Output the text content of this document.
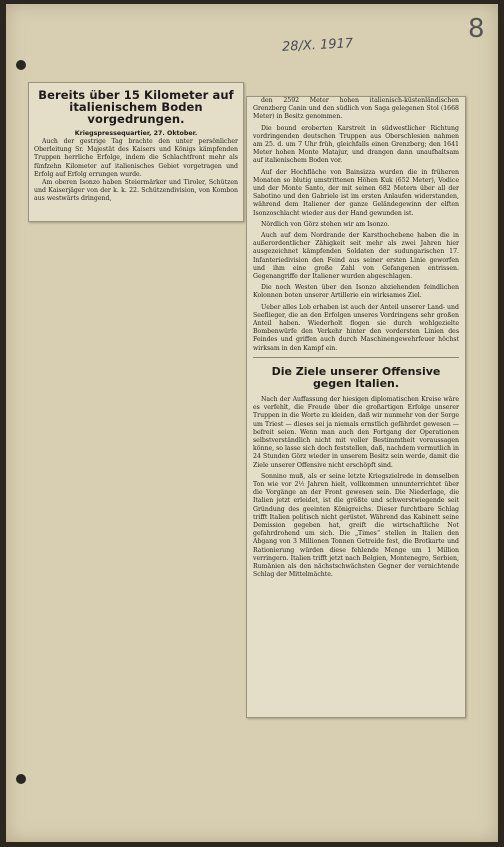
28/X. 1917
8
Bereits über 15 Kilometer auf italienischem Boden vorgedrungen.
Kriegspressequartier, 27. Oktober.
Auch der gestrige Tag brachte den unter persönlicher Oberleitung Sr. Majestät des Kaisers und Königs kämpfenden Truppen herrliche Erfolge, indem die Schlachtfront mehr als fünfzehn Kilometer auf italienisches Gebiet vorgetragen und Erfolg auf Erfolg errungen wurde.
Am oberen Isonzo haben Steiermärker und Tiroler, Schützen und Kaiserjäger von der k. k. 22. Schützendivision, von Kombon aus westwärts dringend,
den 2592 Meter hohen italienisch-küstenländischen Grenzberg Canin und den südlich von Saga gelegenen Stol (1668 Meter) in Besitz genommen.
Die bound eroberten Karstreit in südwestlicher Richtung vordringenden deutschen Truppen aus Oberschlesien nahmen am 25. d. um 7 Uhr früh, gleichfalls einen Grenzberg; den 1641 Meter hohen Monte Matajur, und drangen dann unaufhaltsam auf italienischem Boden vor.
Auf der Hochfläche von Bainsizza wurden die in früheren Monaten so blutig umstrittenen Höhen Kuk (652 Meter), Vodice und der Monte Santo, der mit seinen 682 Metern über all der Sabotino und den Gabriele ist im ersten Anlaufen widerstanden, während dem Italiener der ganze Geländegewinn der elften Isonzoschlacht wieder aus der Hand gewunden ist.
Nördlich von Görz stehen wir am Isonzo.
Auch auf dem Nordrande der Karsthochebene haben die in außerordentlicher Zähigkeit seit mehr als zwei Jahren hier ausgezeichnet kämpfenden Soldaten der sudungarischen 17. Infanteriedivision den Feind aus seiner ersten Linie geworfen und ihm eine große Zahl von Gefangenen entrissen. Gegenangriffe der Italiener wurden abgeschlagen.
Die noch Westen über den Isonzo abziehenden feindlichen Kolonnen boten unserer Artillerie ein wirksames Ziel.
Ueber alles Lob erhaben ist auch der Anteil unserer Land- und Seeflieger, die an den Erfolgen unseres Vordringens sehr großen Anteil haben. Wiederholt flogen sie durch wohlgezielte Bombenwürfe den Verkehr hinter den vordersten Linien des Feindes und griffen auch durch Maschinengewehrfeuer höchst wirksam in den Kampf ein.
Die Ziele unserer Offensive gegen Italien.
Nach der Auffassung der hiesigen diplomatischen Kreise wäre es verfehlt, die Freude über die großartigen Erfolge unserer Truppen in die Worte zu kleiden, daß wir nunmehr von der Sorge um Triest — dieses sei ja niemals ernstlich gefährdet gewesen — befreit seien. Wenn man auch den Fortgang der Operationen selbstverständlich nicht mit voller Bestimmtheit voraussagen könne, so lasse sich doch feststellen, daß, nachdem vermutlich in 24 Stunden Görz wieder in unserem Besitz sein werde, damit die Ziele unserer Offensive nicht erschöpft sind.
Sonnino muß, als er seine letzte Kriegszielrede in demselben Ton wie vor 2½ Jahren hielt, vollkommen unnunterrichtet über die Vorgänge an der Front gewesen sein. Die Niederlage, die Italien jetzt erleidet, ist die größte und schwerstwiegende seit Gründung des geeinten Königreichs. Dieser furchtbare Schlag trifft Italien politisch nicht gerüstet. Während das Kabinett seine Demission gegeben hat, greift die wirtschaftliche Not gefahrdrohend um sich. Die „Times“ stellen in Italien den Abgang von 3 Millionen Tonnen Getreide fest, die Brotkarte und Rationierung würden diese fehlende Menge um 1 Million verringern. Italien trifft jetzt nach Belgien, Montenegro, Serbien, Rumänien als den nächstschwächsten Gegner der vernichtende Schlag der Mittelmächte.
